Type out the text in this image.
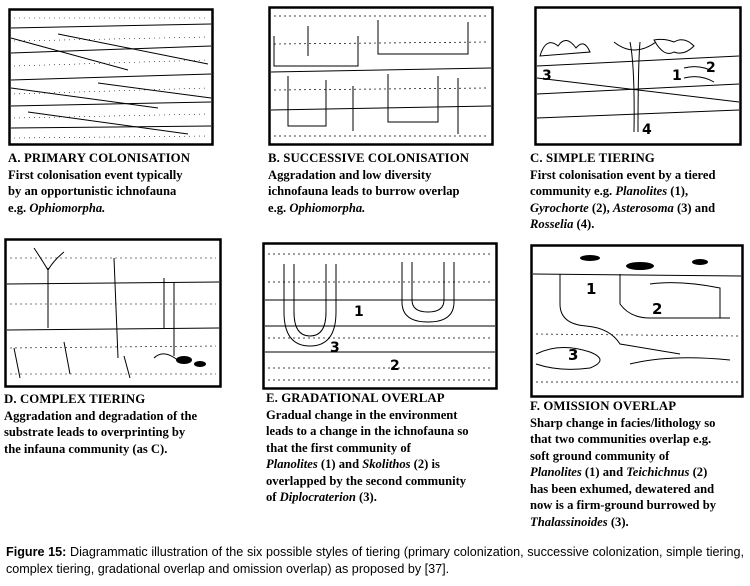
3	1 2
4
1
3
2
1
2
3
A. PRIMARY COLONISATION
First colonisation event typically
by an opportunistic ichnofauna
e.g. Ophiomorpha.
B. SUCCESSIVE COLONISATION
Aggradation and low diversity
ichnofauna leads to burrow overlap
e.g. Ophiomorpha.
C. SIMPLE TIERING
First colonisation event by a tiered
community e.g. Planolites (1),
Gyrochorte (2), Asterosoma (3) and
Rosselia (4).
D. COMPLEX TIERING
Aggradation and degradation of the
substrate leads to overprinting by
the infauna community (as C).
E. GRADATIONAL OVERLAP
Gradual change in the environment
leads to a change in the ichnofauna so
that the first community of
Planolites (1) and Skolithos (2) is
overlapped by the second community
of Diplocraterion (3).
F. OMISSION OVERLAP
Sharp change in facies/lithology so
that two communities overlap e.g.
soft ground community of
Planolites (1) and Teichichnus (2)
has been exhumed, dewatered and
now is a firm-ground burrowed by
Thalassinoides (3).
Figure 15: Diagrammatic illustration of the six possible styles of tiering (primary colonization, successive colonization, simple tiering, complex tiering, gradational overlap and omission overlap) as proposed by [37].
